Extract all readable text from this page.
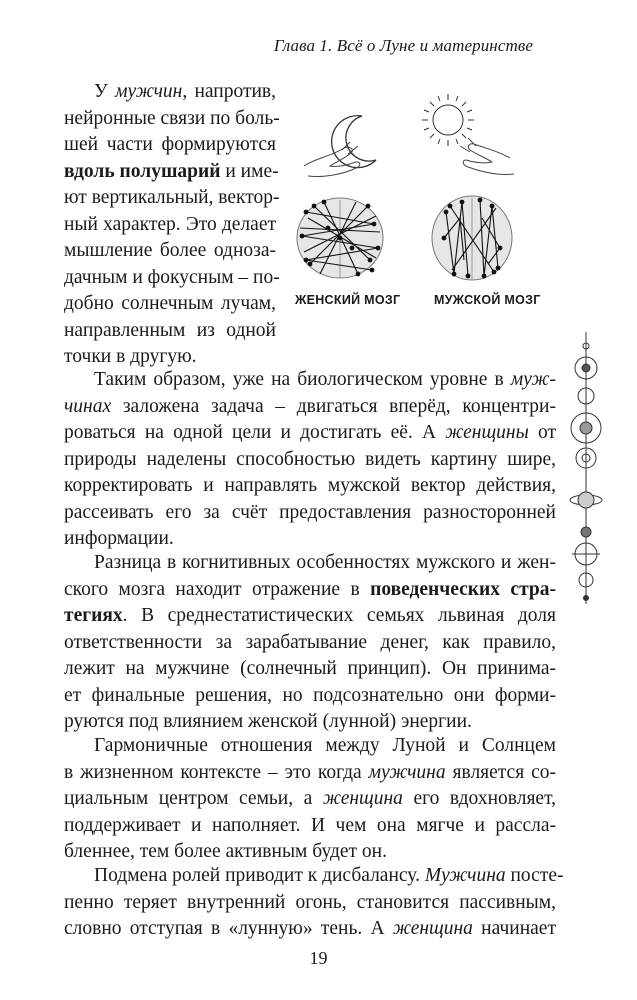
Глава 1. Всё о Луне и материнстве
У мужчин, напротив,
нейронные связи по боль-
шей части формируются
вдоль полушарий и име-
ют вертикальный, вектор-
ный характер. Это делает
мышление более одноза-
дачным и фокусным – по-
добно солнечным лучам,
направленным из одной
точки в другую.
ЖЕНСКИЙ МОЗГ	МУЖСКОЙ МОЗГ
Таким образом, уже на биологическом уровне в муж-
чинах заложена задача – двигаться вперёд, концентри-
роваться на одной цели и достигать её. А женщины от
природы наделены способностью видеть картину шире,
корректировать и направлять мужской вектор действия,
рассеивать его за счёт предоставления разносторонней
информации.
Разница в когнитивных особенностях мужского и жен-
ского мозга находит отражение в поведенческих стра-
тегиях. В среднестатистических семьях львиная доля
ответственности за зарабатывание денег, как правило,
лежит на мужчине (солнечный принцип). Он принима-
ет финальные решения, но подсознательно они форми-
руются под влиянием женской (лунной) энергии.
Гармоничные отношения между Луной и Солнцем
в жизненном контексте – это когда мужчина является со-
циальным центром семьи, а женщина его вдохновляет,
поддерживает и наполняет. И чем она мягче и расслa-
бленнее, тем более активным будет он.
Подмена ролей приводит к дисбалансу. Мужчина посте-
пенно теряет внутренний огонь, становится пассивным,
словно отступая в «лунную» тень. А женщина начинает
19
